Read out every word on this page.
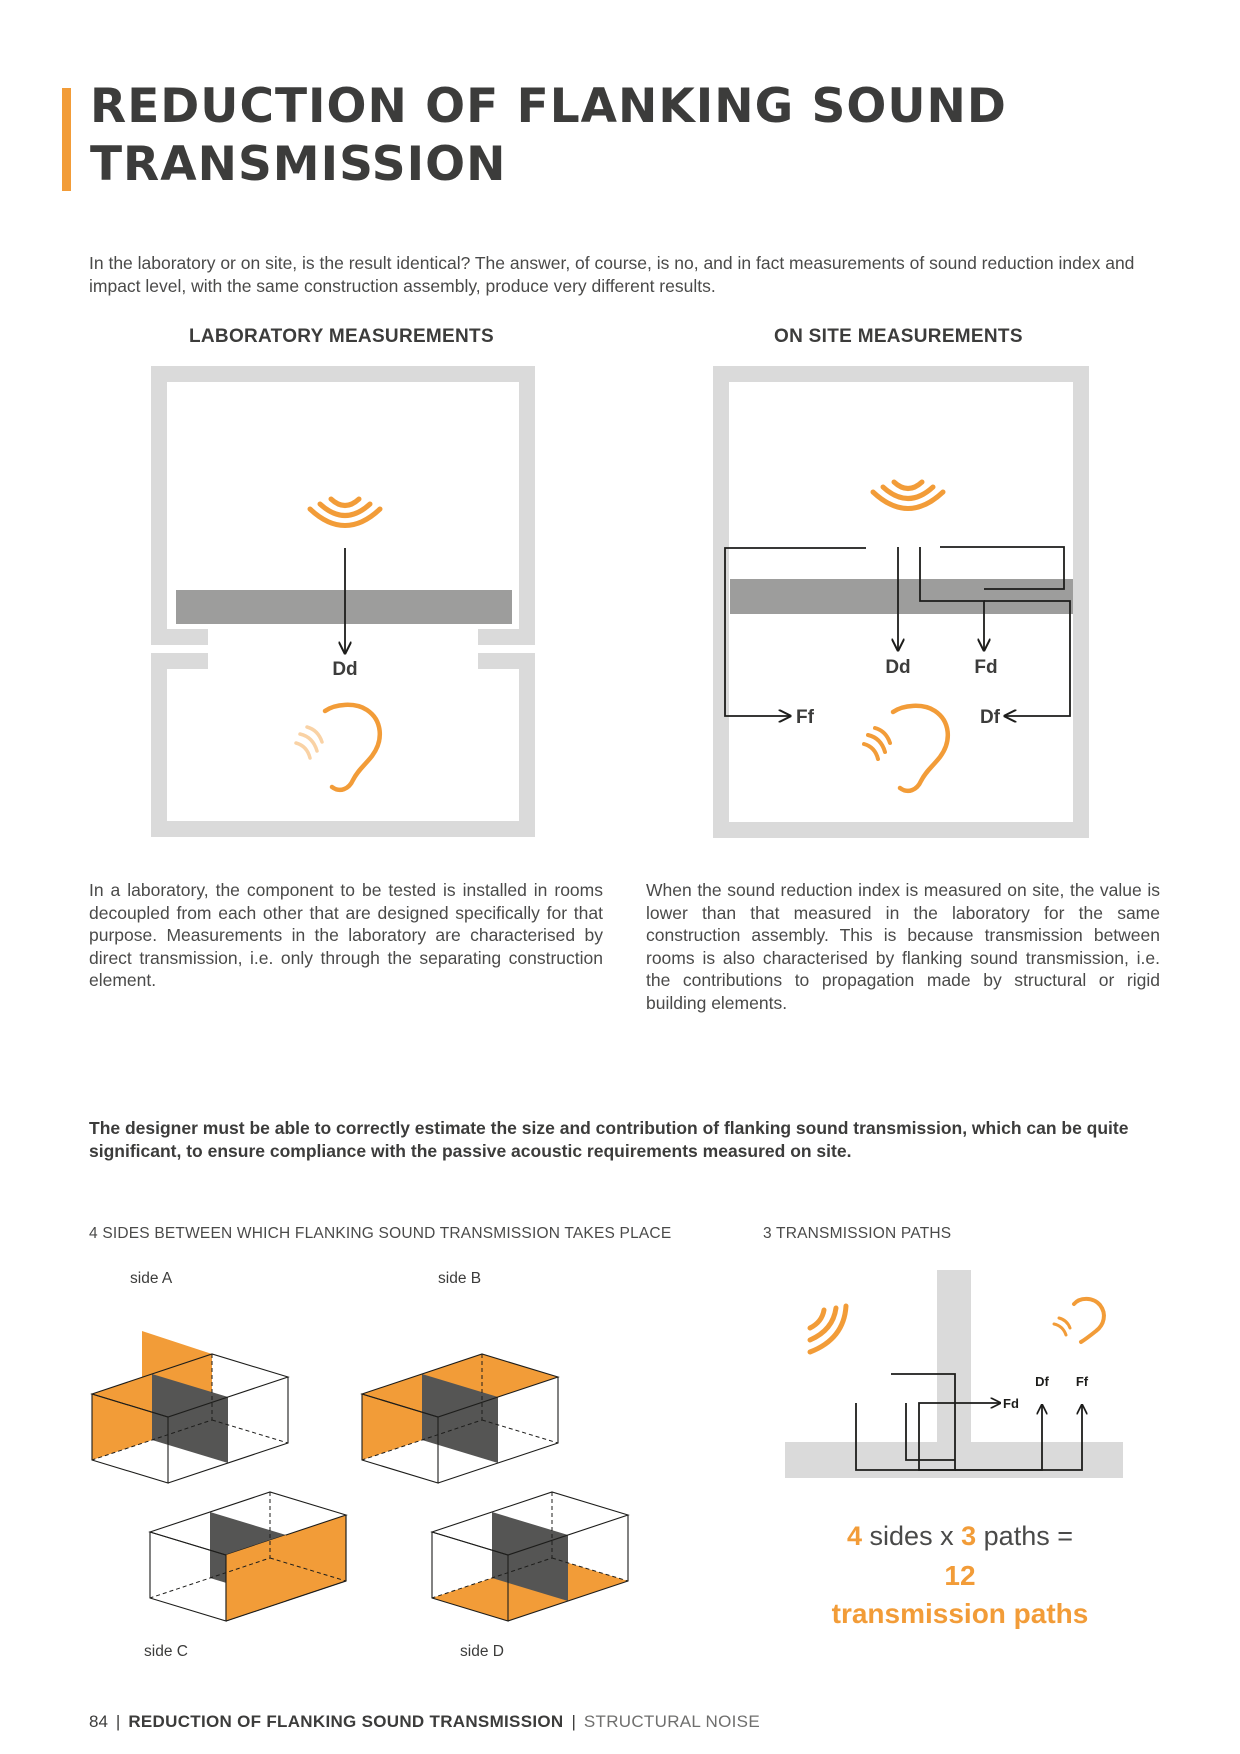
REDUCTION OF FLANKING SOUND TRANSMISSION
In the laboratory or on site, is the result identical? The answer, of course, is no, and in fact measurements of sound reduction index and impact level, with the same construction assembly, produce very different results.
LABORATORY MEASUREMENTS	ON SITE MEASUREMENTS
Dd	Dd	Fd
Ff	Df
In a laboratory, the component to be tested is installed in rooms decoupled from each other that are designed specifically for that purpose. Measurements in the laboratory are characterised by direct transmission, i.e. only through the separating construction element.
When the sound reduction index is measured on site, the value is lower than that measured in the laboratory for the same construction assembly. This is because transmission between rooms is also characterised by flanking sound transmission, i.e. the contributions to propagation made by structural or rigid building elements.
The designer must be able to correctly estimate the size and contribution of flanking sound transmission, which can be quite significant, to ensure compliance with the passive acoustic requirements measured on site.
4 SIDES BETWEEN WHICH FLANKING SOUND TRANSMISSION TAKES PLACE	3 TRANSMISSION PATHS
side A	side B
side C	side D
Fd
Df Ff
4 sides x 3 paths =
12
transmission paths
84 | REDUCTION OF FLANKING SOUND TRANSMISSION | STRUCTURAL NOISE
